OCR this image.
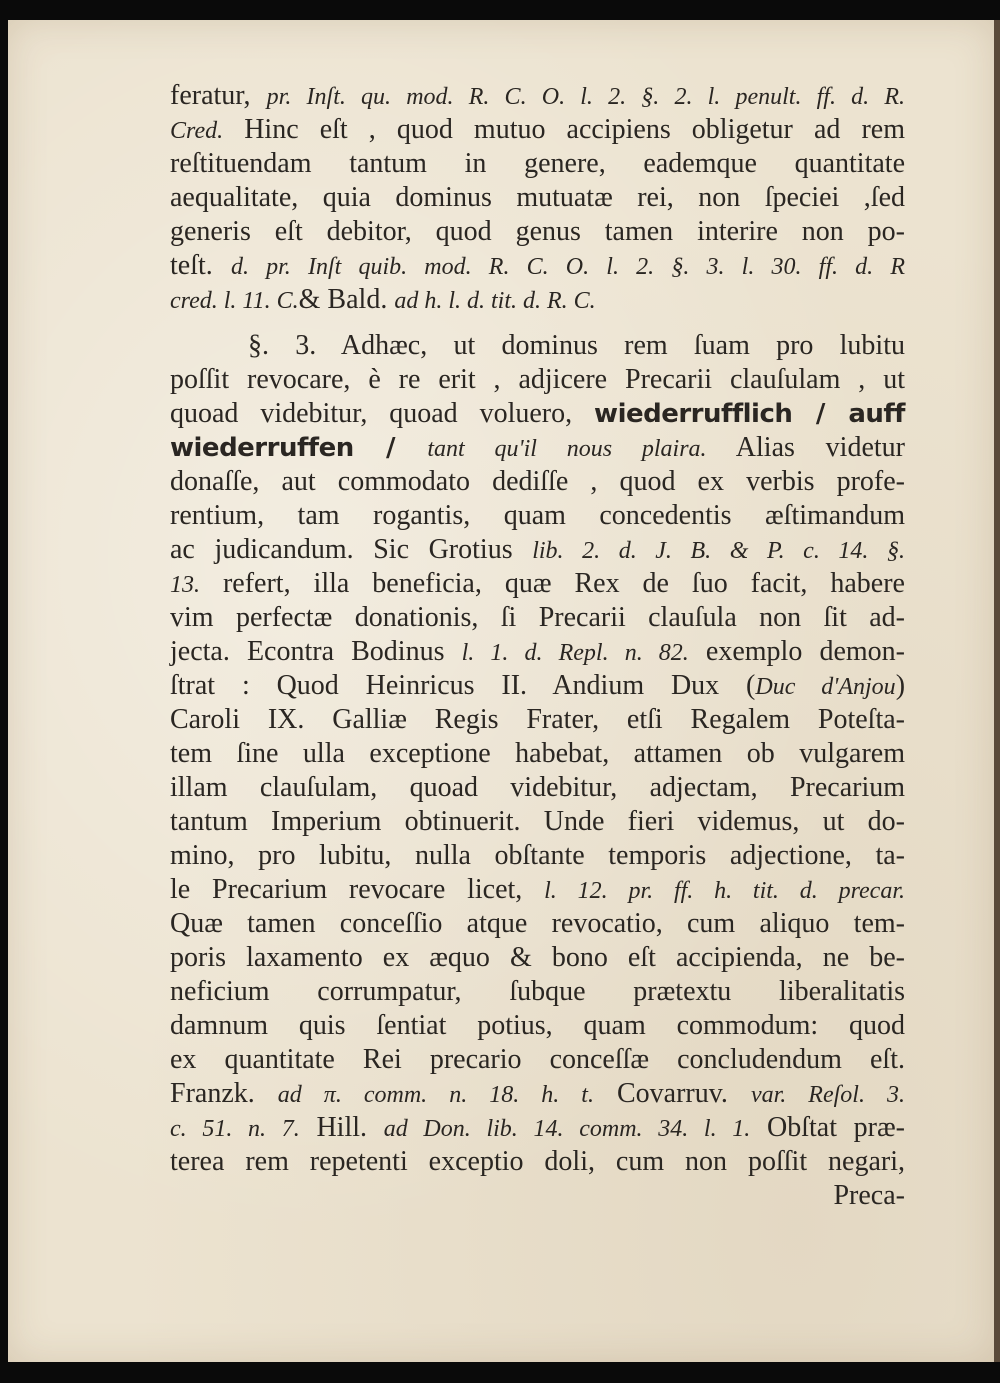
feratur, pr. Inſt. qu. mod. R. C. O. l. 2. §. 2. l. penult. ff. d. R.
Cred. Hinc eſt , quod mutuo accipiens obligetur ad rem
reſtituendam tantum in genere, eademque quantitate
aequalitate, quia dominus mutuatæ rei, non ſpeciei ,ſed
generis eſt debitor, quod genus tamen interire non po-
teſt. d. pr. Inſt quib. mod. R. C. O. l. 2. §. 3. l. 30. ff. d. R
cred. l. 11. C.& Bald. ad h. l. d. tit. d. R. C.
§. 3. Adhæc, ut dominus rem ſuam pro lubitu
poſſit revocare, è re erit , adjicere Precarii clauſulam , ut
quoad videbitur, quoad voluero, wiederrufflich / auff
wiederruffen / tant qu'il nous plaira. Alias videtur
donaſſe, aut commodato dediſſe , quod ex verbis profe-
rentium, tam rogantis, quam concedentis æſtimandum
ac judicandum. Sic Grotius lib. 2. d. J. B. & P. c. 14. §.
13. refert, illa beneficia, quæ Rex de ſuo facit, habere
vim perfectæ donationis, ſi Precarii clauſula non ſit ad-
jecta. Econtra Bodinus l. 1. d. Repl. n. 82. exemplo demon-
ſtrat : Quod Heinricus II. Andium Dux (Duc d'Anjou)
Caroli IX. Galliæ Regis Frater, etſi Regalem Poteſta-
tem ſine ulla exceptione habebat, attamen ob vulgarem
illam clauſulam, quoad videbitur, adjectam, Precarium
tantum Imperium obtinuerit. Unde fieri videmus, ut do-
mino, pro lubitu, nulla obſtante temporis adjectione, ta-
le Precarium revocare licet, l. 12. pr. ff. h. tit. d. precar.
Quæ tamen conceſſio atque revocatio, cum aliquo tem-
poris laxamento ex æquo & bono eſt accipienda, ne be-
neficium corrumpatur, ſubque prætextu liberalitatis
damnum quis ſentiat potius, quam commodum: quod
ex quantitate Rei precario conceſſæ concludendum eſt.
Franzk. ad π. comm. n. 18. h. t. Covarruv. var. Reſol. 3.
c. 51. n. 7. Hill. ad Don. lib. 14. comm. 34. l. 1. Obſtat præ-
terea rem repetenti exceptio doli, cum non poſſit negari,
Preca-
